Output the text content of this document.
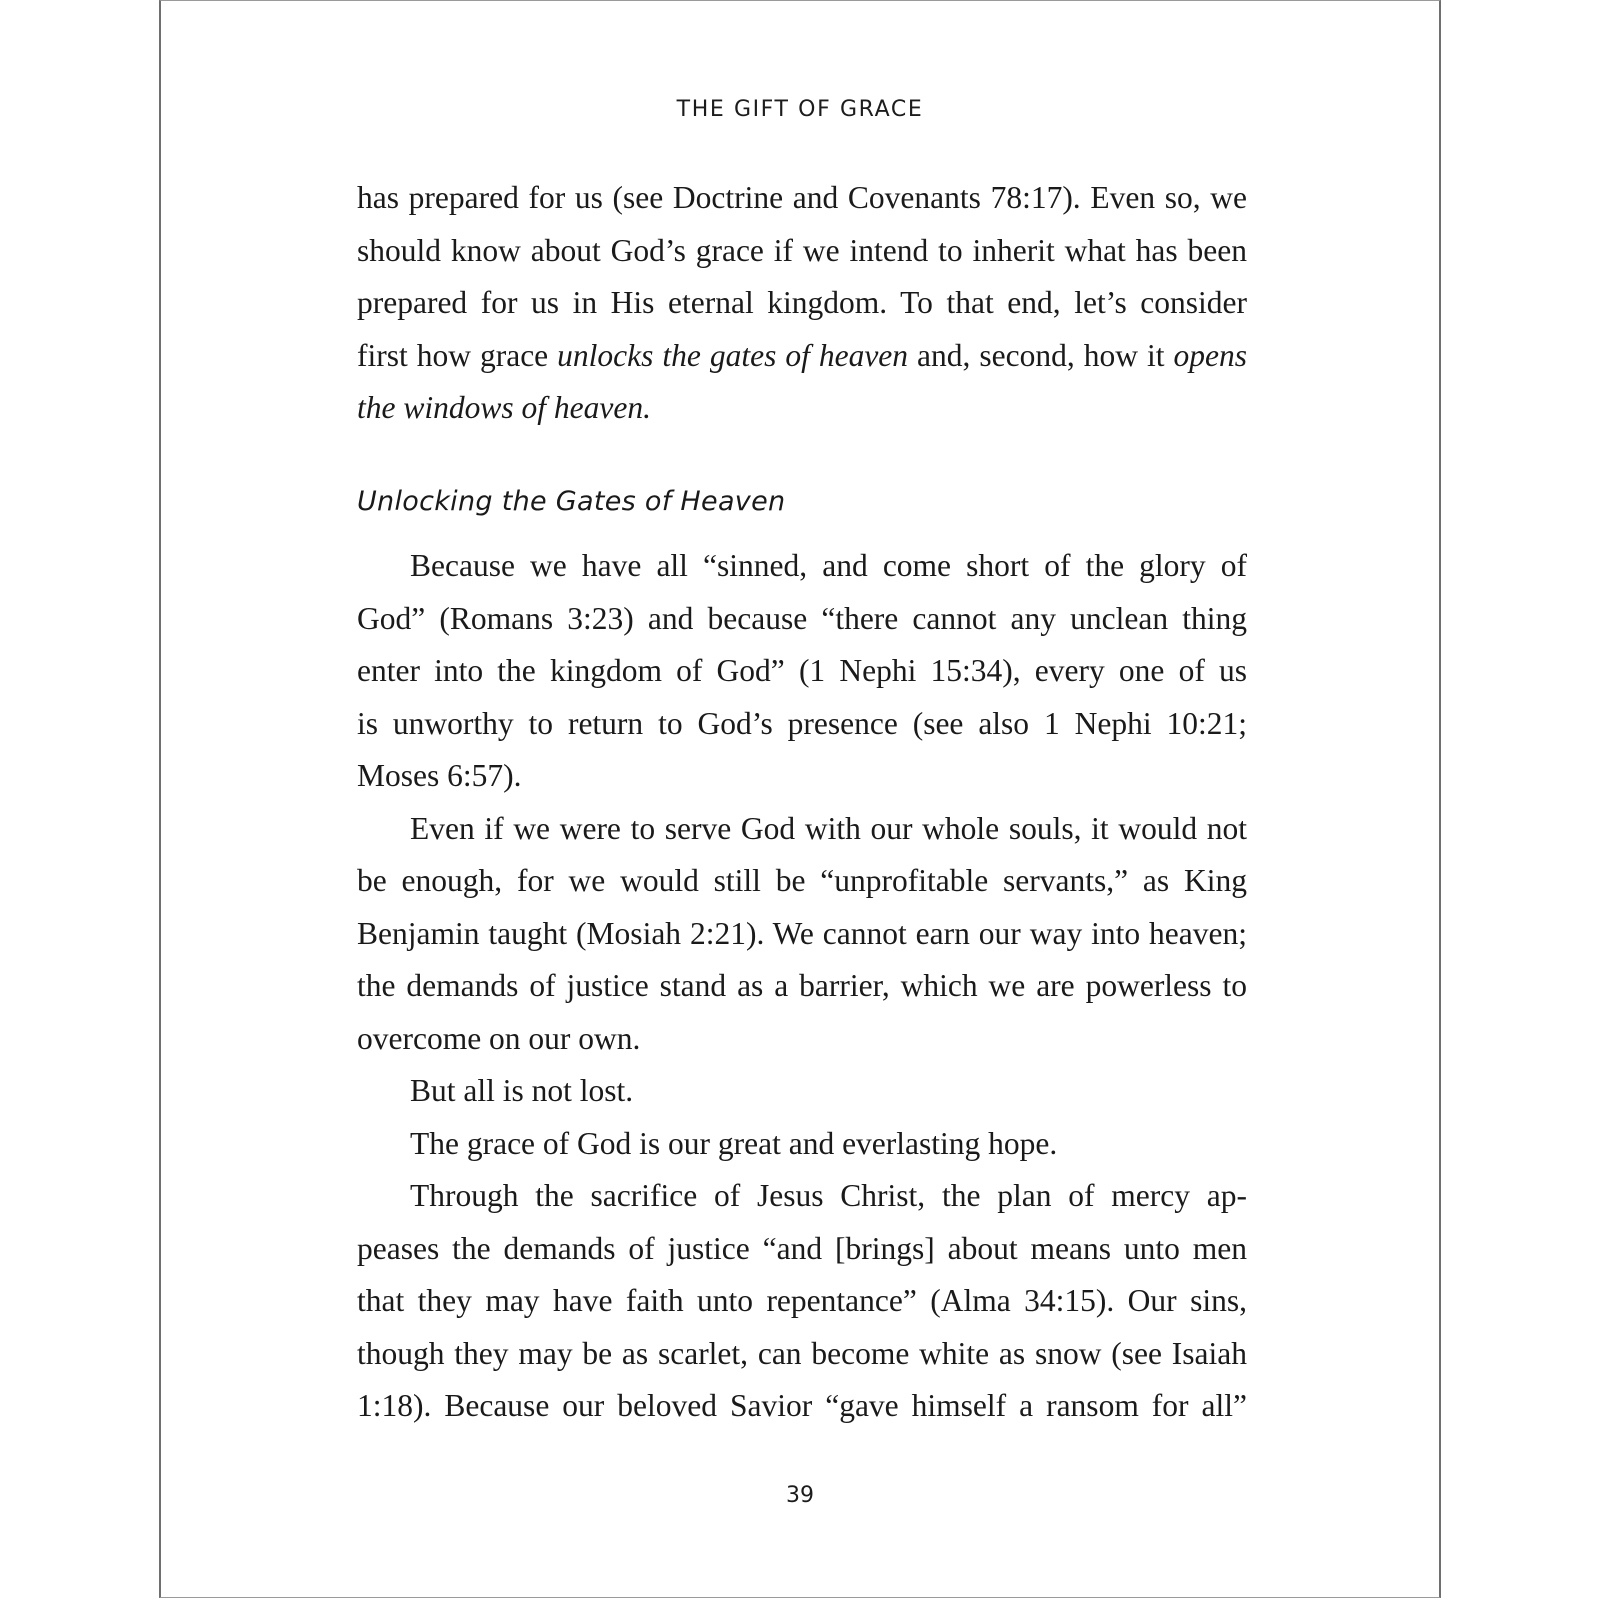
THE GIFT OF GRACE
39

has prepared for us (see Doctrine and Covenants 78:17). Even so, we

should know about God’s grace if we intend to inherit what has been

prepared for us in His eternal kingdom. To that end, let’s consider

first how grace unlocks the gates of heaven and, second, how it opens

the windows of heaven.

Unlocking the Gates of Heaven

Because we have all “sinned, and come short of the glory of

God” (Romans 3:23) and because “there cannot any unclean thing

enter into the kingdom of God” (1 Nephi 15:34), every one of us

is unworthy to return to God’s presence (see also 1 Nephi 10:21;

Moses 6:57).

Even if we were to serve God with our whole souls, it would not

be enough, for we would still be “unprofitable servants,” as King

Benjamin taught (Mosiah 2:21). We cannot earn our way into heaven;

the demands of justice stand as a barrier, which we are powerless to

overcome on our own.

But all is not lost.

The grace of God is our great and everlasting hope.

Through the sacrifice of Jesus Christ, the plan of mercy ap-

peases the demands of justice “and [brings] about means unto men

that they may have faith unto repentance” (Alma 34:15). Our sins,

though they may be as scarlet, can become white as snow (see Isaiah

1:18). Because our beloved Savior “gave himself a ransom for all”
